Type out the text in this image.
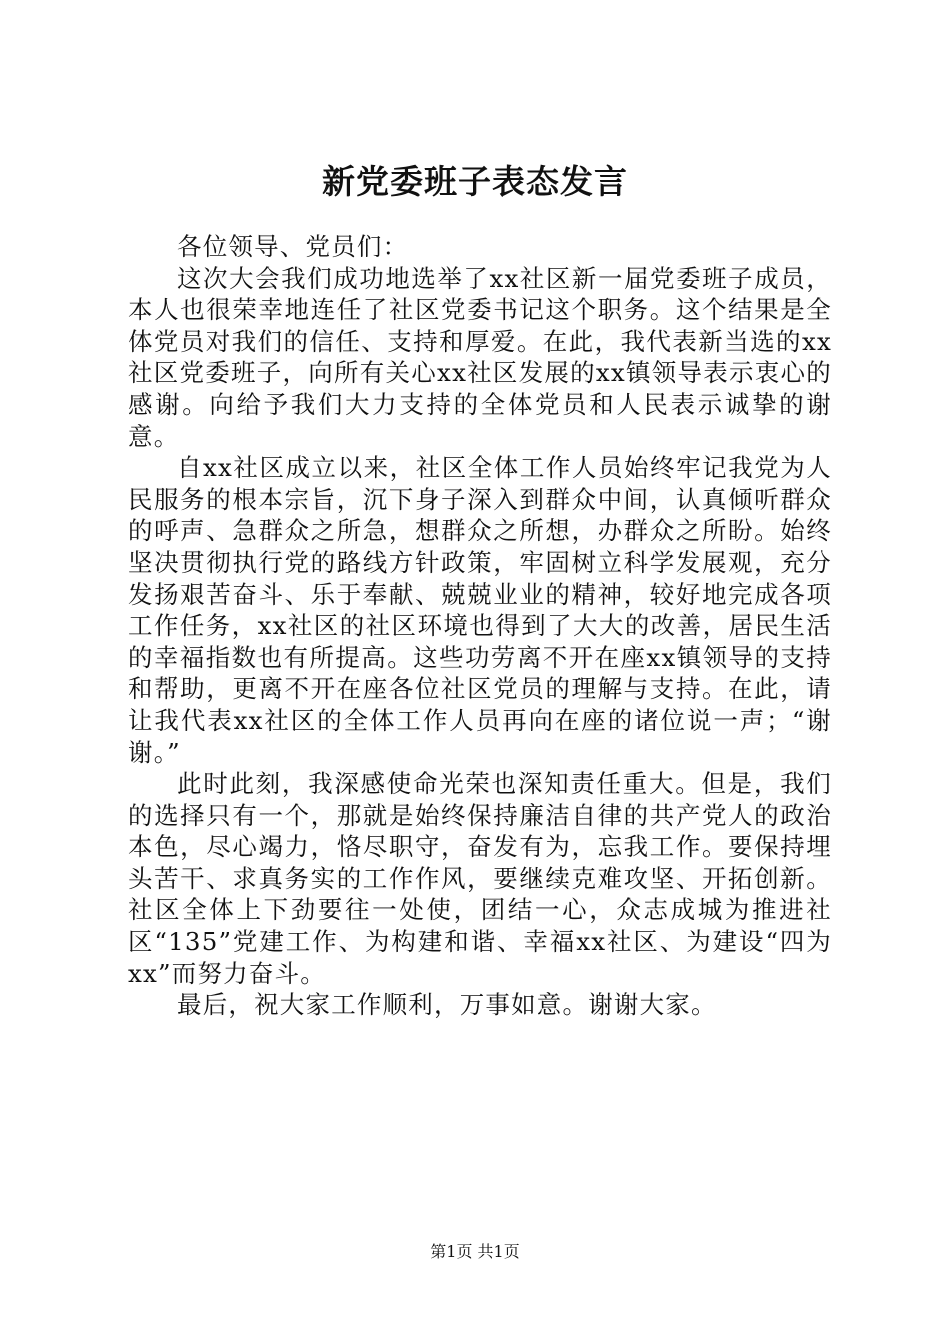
新党委班子表态发言

各位领导、党员们：

这次大会我们成功地选举了xx社区新一届党委班子成员，本人也很荣幸地连任了社区党委书记这个职务。这个结果是全体党员对我们的信任、支持和厚爱。在此，我代表新当选的xx社区党委班子，向所有关心xx社区发展的xx镇领导表示衷心的感谢。向给予我们大力支持的全体党员和人民表示诚挚的谢意。

自xx社区成立以来，社区全体工作人员始终牢记我党为人民服务的根本宗旨，沉下身子深入到群众中间，认真倾听群众的呼声、急群众之所急，想群众之所想，办群众之所盼。始终坚决贯彻执行党的路线方针政策，牢固树立科学发展观，充分发扬艰苦奋斗、乐于奉献、兢兢业业的精神，较好地完成各项工作任务，xx社区的社区环境也得到了大大的改善，居民生活的幸福指数也有所提高。这些功劳离不开在座xx镇领导的支持和帮助，更离不开在座各位社区党员的理解与支持。在此，请让我代表xx社区的全体工作人员再向在座的诸位说一声；“谢谢。”

此时此刻，我深感使命光荣也深知责任重大。但是，我们的选择只有一个，那就是始终保持廉洁自律的共产党人的政治本色，尽心竭力，恪尽职守，奋发有为，忘我工作。要保持埋头苦干、求真务实的工作作风，要继续克难攻坚、开拓创新。社区全体上下劲要往一处使，团结一心，众志成城为推进社区“135”党建工作、为构建和谐、幸福xx社区、为建设“四为xx”而努力奋斗。

最后，祝大家工作顺利，万事如意。谢谢大家。

第1页 共1页
